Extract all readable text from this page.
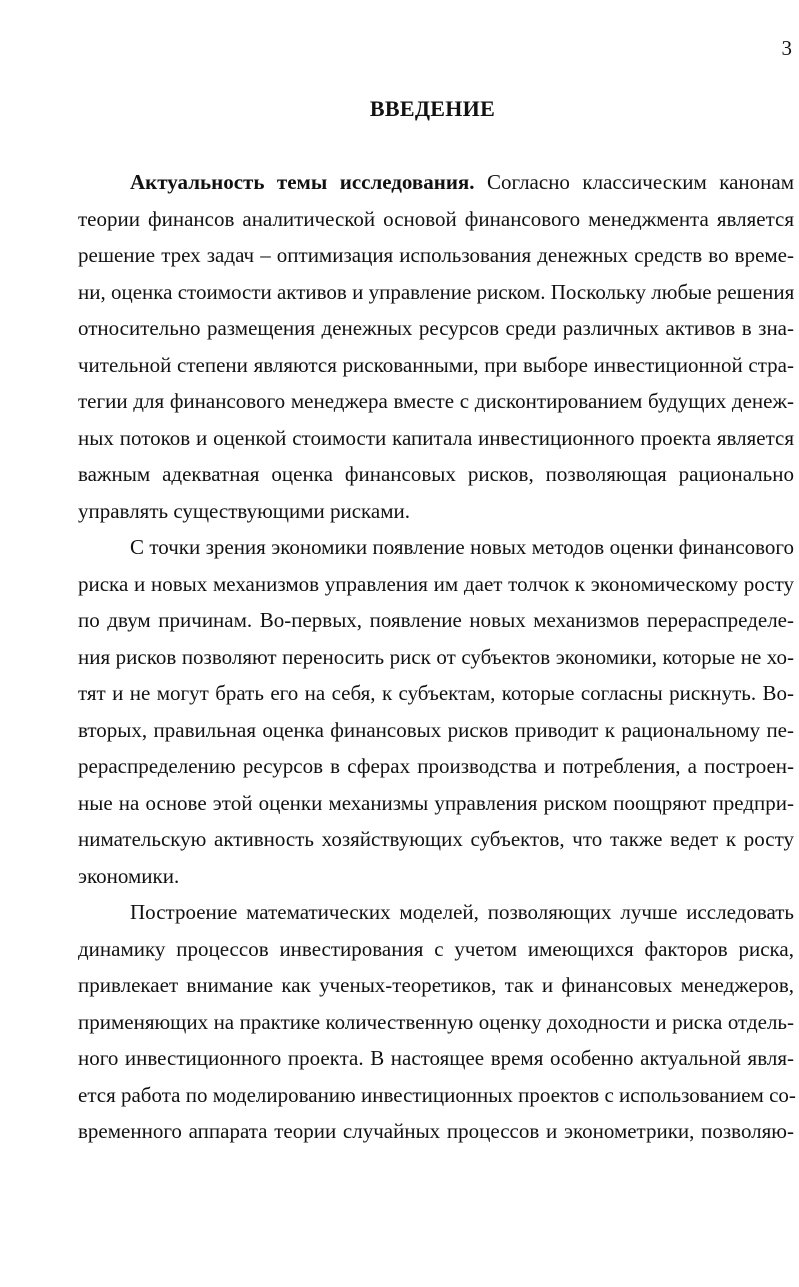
3
ВВЕДЕНИЕ
Актуальность темы исследования. Согласно классическим канонам
теории финансов аналитической основой финансового менеджмента является
решение трех задач – оптимизация использования денежных средств во време-
ни, оценка стоимости активов и управление риском. Поскольку любые решения
относительно размещения денежных ресурсов среди различных активов в зна-
чительной степени являются рискованными, при выборе инвестиционной стра-
тегии для финансового менеджера вместе с дисконтированием будущих денеж-
ных потоков и оценкой стоимости капитала инвестиционного проекта является
важным адекватная оценка финансовых рисков, позволяющая рационально
управлять существующими рисками.
С точки зрения экономики появление новых методов оценки финансового
риска и новых механизмов управления им дает толчок к экономическому росту
по двум причинам. Во-первых, появление новых механизмов перераспределе-
ния рисков позволяют переносить риск от субъектов экономики, которые не хо-
тят и не могут брать его на себя, к субъектам, которые согласны рискнуть. Во-
вторых, правильная оценка финансовых рисков приводит к рациональному пе-
рераспределению ресурсов в сферах производства и потребления, а построен-
ные на основе этой оценки механизмы управления риском поощряют предпри-
нимательскую активность хозяйствующих субъектов, что также ведет к росту
экономики.
Построение математических моделей, позволяющих лучше исследовать
динамику процессов инвестирования с учетом имеющихся факторов риска,
привлекает внимание как ученых-теоретиков, так и финансовых менеджеров,
применяющих на практике количественную оценку доходности и риска отдель-
ного инвестиционного проекта. В настоящее время особенно актуальной явля-
ется работа по моделированию инвестиционных проектов с использованием со-
временного аппарата теории случайных процессов и эконометрики, позволяю-
